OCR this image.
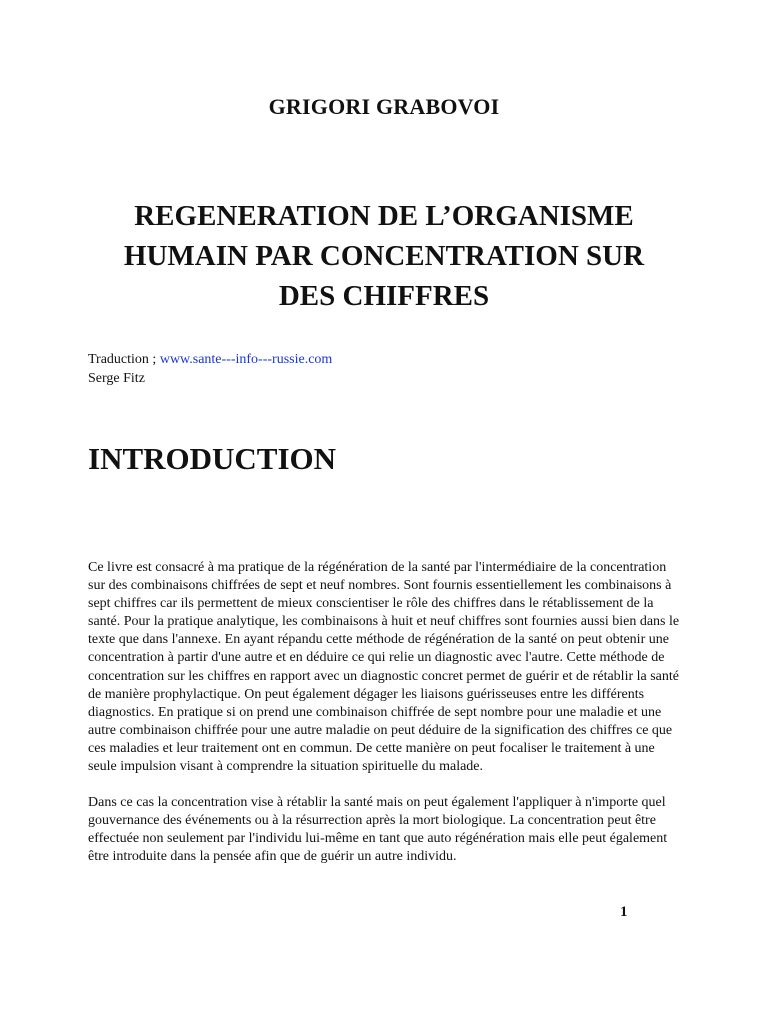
GRIGORI GRABOVOI
REGENERATION DE L’ORGANISME
HUMAIN PAR CONCENTRATION SUR
DES CHIFFRES
Traduction ; www.sante---info---russie.com
Serge Fitz
INTRODUCTION

Ce livre est consacré à ma pratique de la régénération de la santé par l'intermédiaire de la concentration sur des combinaisons chiffrées de sept et neuf nombres. Sont fournis essentiellement les combinaisons à sept chiffres car ils permettent de mieux conscientiser le rôle des chiffres dans le rétablissement de la santé. Pour la pratique analytique, les combinaisons à huit et neuf chiffres sont fournies aussi bien dans le texte que dans l'annexe. En ayant répandu cette méthode de régénération de la santé on peut obtenir une concentration à partir d'une autre et en déduire ce qui relie un diagnostic avec l'autre. Cette méthode de concentration sur les chiffres en rapport avec un diagnostic concret permet de guérir et de rétablir la santé de manière prophylactique. On peut également dégager les liaisons guérisseuses entre les différents diagnostics. En pratique si on prend une combinaison chiffrée de sept nombre pour une maladie et une autre combinaison chiffrée pour une autre maladie on peut déduire de la signification des chiffres ce que ces maladies et leur traitement ont en commun. De cette manière on peut focaliser le traitement à une seule impulsion visant à comprendre la situation spirituelle du malade.

Dans ce cas la concentration vise à rétablir la santé mais on peut également l'appliquer à n'importe quel gouvernance des événements ou à la résurrection après la mort biologique. La concentration peut être effectuée non seulement par l'individu lui-même en tant que auto régénération mais elle peut également être introduite dans la pensée afin que de guérir un autre individu.

1
